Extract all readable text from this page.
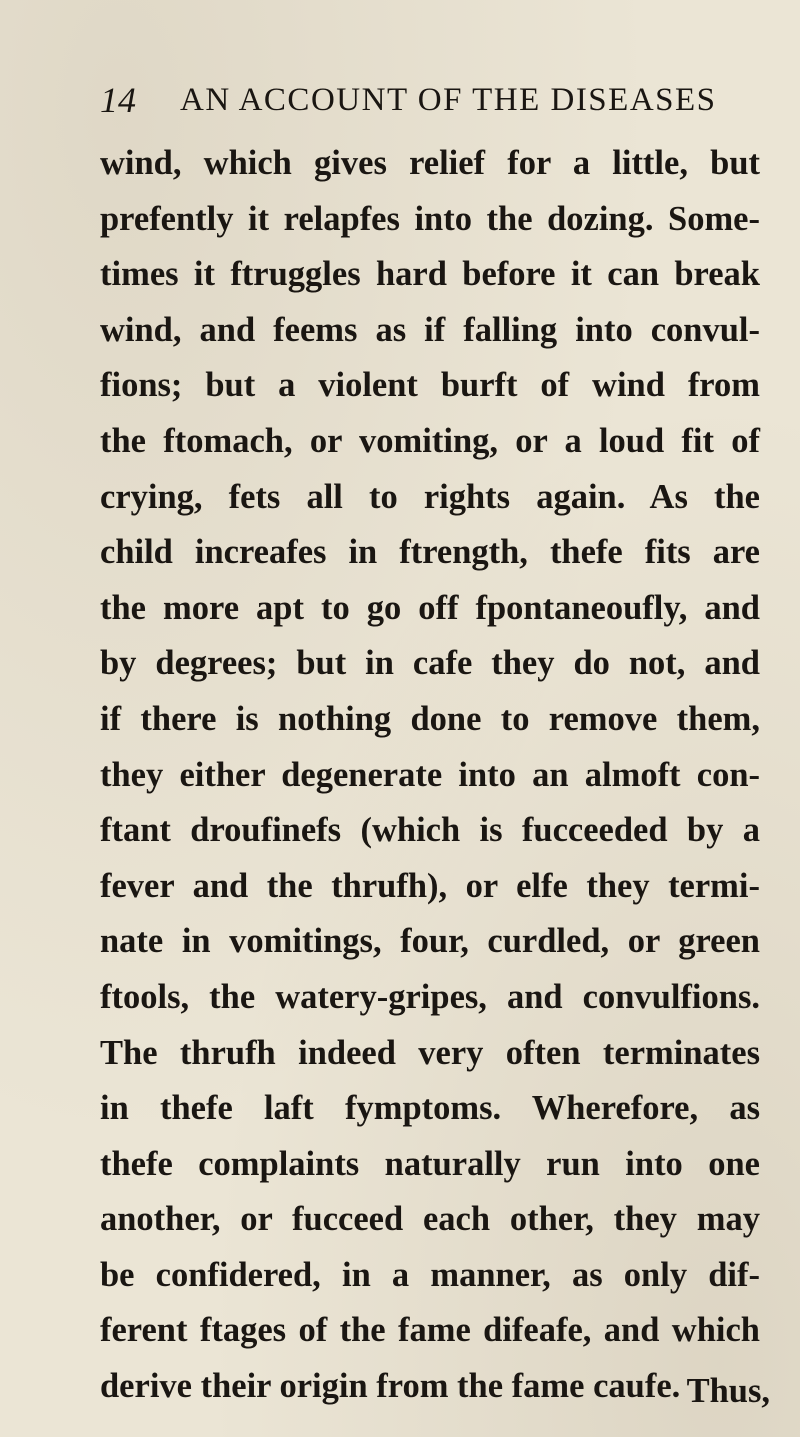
14 AN ACCOUNT OF THE DISEASES
wind, which gives relief for a little, but
prefently it relapfes into the dozing. Some-
times it ftruggles hard before it can break
wind, and feems as if falling into convul-
fions; but a violent burft of wind from
the ftomach, or vomiting, or a loud fit of
crying, fets all to rights again. As the
child increafes in ftrength, thefe fits are
the more apt to go off fpontaneoufly, and
by degrees; but in cafe they do not, and
if there is nothing done to remove them,
they either degenerate into an almoft con-
ftant droufinefs (which is fucceeded by a
fever and the thrufh), or elfe they termi-
nate in vomitings, four, curdled, or green
ftools, the watery-gripes, and convulfions.
The thrufh indeed very often terminates
in thefe laft fymptoms. Wherefore, as
thefe complaints naturally run into one
another, or fucceed each other, they may
be confidered, in a manner, as only dif-
ferent ftages of the fame difeafe, and which
derive their origin from the fame caufe. Thus,
